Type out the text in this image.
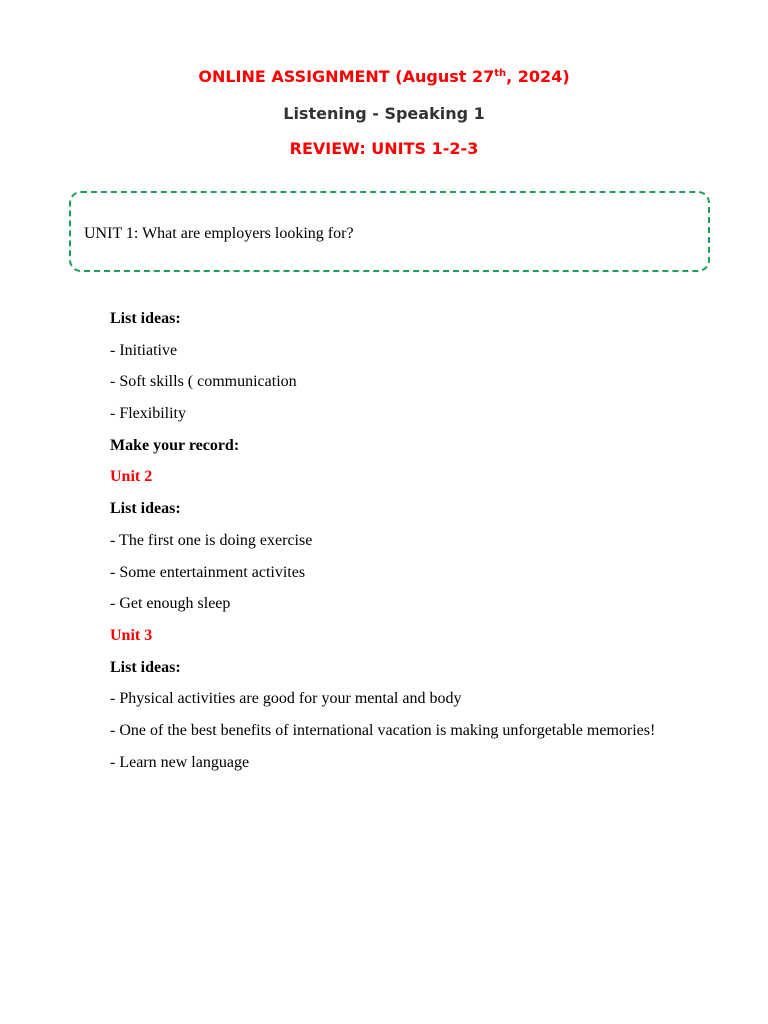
ONLINE ASSIGNMENT (August 27th, 2024)

Listening - Speaking 1

REVIEW: UNITS 1-2-3

UNIT 1: What are employers looking for?

List ideas:

- Initiative

- Soft skills ( communication

- Flexibility

Make your record:

Unit 2

List ideas:

- The first one is doing exercise

- Some entertainment activites

- Get enough sleep

Unit 3

List ideas:

- Physical activities are good for your mental and body

- One of the best benefits of international vacation is making unforgetable memories!

- Learn new language
